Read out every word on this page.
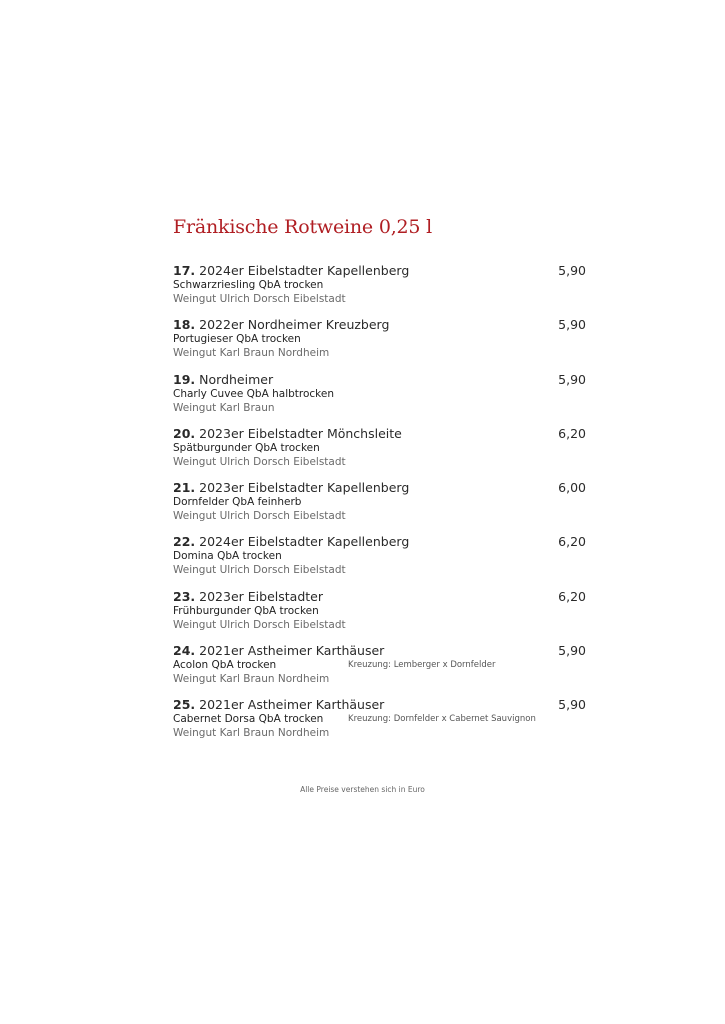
Fränkische Rotweine 0,25 l
17. 2024er Eibelstadter Kapellenberg	5,90
Schwarzriesling QbA trocken
Weingut Ulrich Dorsch Eibelstadt
18. 2022er Nordheimer Kreuzberg	5,90
Portugieser QbA trocken
Weingut Karl Braun Nordheim
19. Nordheimer	5,90
Charly Cuvee QbA halbtrocken
Weingut Karl Braun
20. 2023er Eibelstadter Mönchsleite	6,20
Spätburgunder QbA trocken
Weingut Ulrich Dorsch Eibelstadt
21. 2023er Eibelstadter Kapellenberg	6,00
Dornfelder QbA feinherb
Weingut Ulrich Dorsch Eibelstadt
22. 2024er Eibelstadter Kapellenberg	6,20
Domina QbA trocken
Weingut Ulrich Dorsch Eibelstadt
23. 2023er Eibelstadter	6,20
Frühburgunder QbA trocken
Weingut Ulrich Dorsch Eibelstadt
24. 2021er Astheimer Karthäuser	5,90
Acolon QbA trocken	Kreuzung: Lemberger x Dornfelder
Weingut Karl Braun Nordheim
25. 2021er Astheimer Karthäuser	5,90
Cabernet Dorsa QbA trocken	Kreuzung: Dornfelder x Cabernet Sauvignon
Weingut Karl Braun Nordheim
Alle Preise verstehen sich in Euro
